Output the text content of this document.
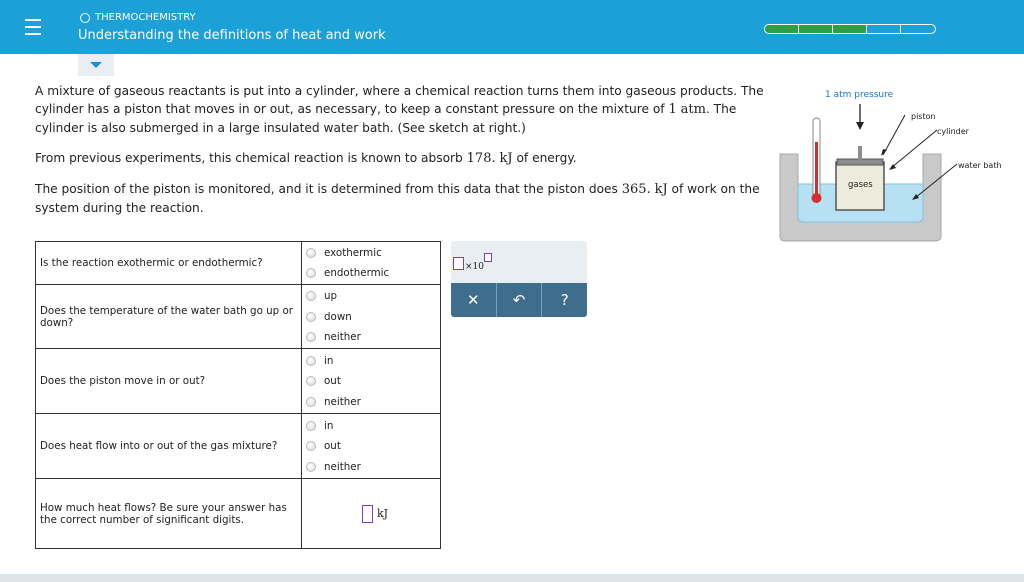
THERMOCHEMISTRY
Understanding the definitions of heat and work

A mixture of gaseous reactants is put into a cylinder, where a chemical reaction turns them into gaseous products. The cylinder has a piston that moves in or out, as necessary, to keep a constant pressure on the mixture of 1 atm. The cylinder is also submerged in a large insulated water bath. (See sketch at right.)

From previous experiments, this chemical reaction is known to absorb 178. kJ of energy.

The position of the piston is monitored, and it is determined from this data that the piston does 365. kJ of work on the system during the reaction.

Is the reaction exothermic or endothermic?	exothermic
endothermic

Does the temperature of the water bath go up or down?	up
down
neither

Does the piston move in or out?	in
out
neither

Does heat flow into or out of the gas mixture?	in
out
neither

How much heat flows? Be sure your answer has the correct number of significant digits.	kJ
×10
✕	↶	?
1 atm pressure
piston
cylinder
water bath
gases
